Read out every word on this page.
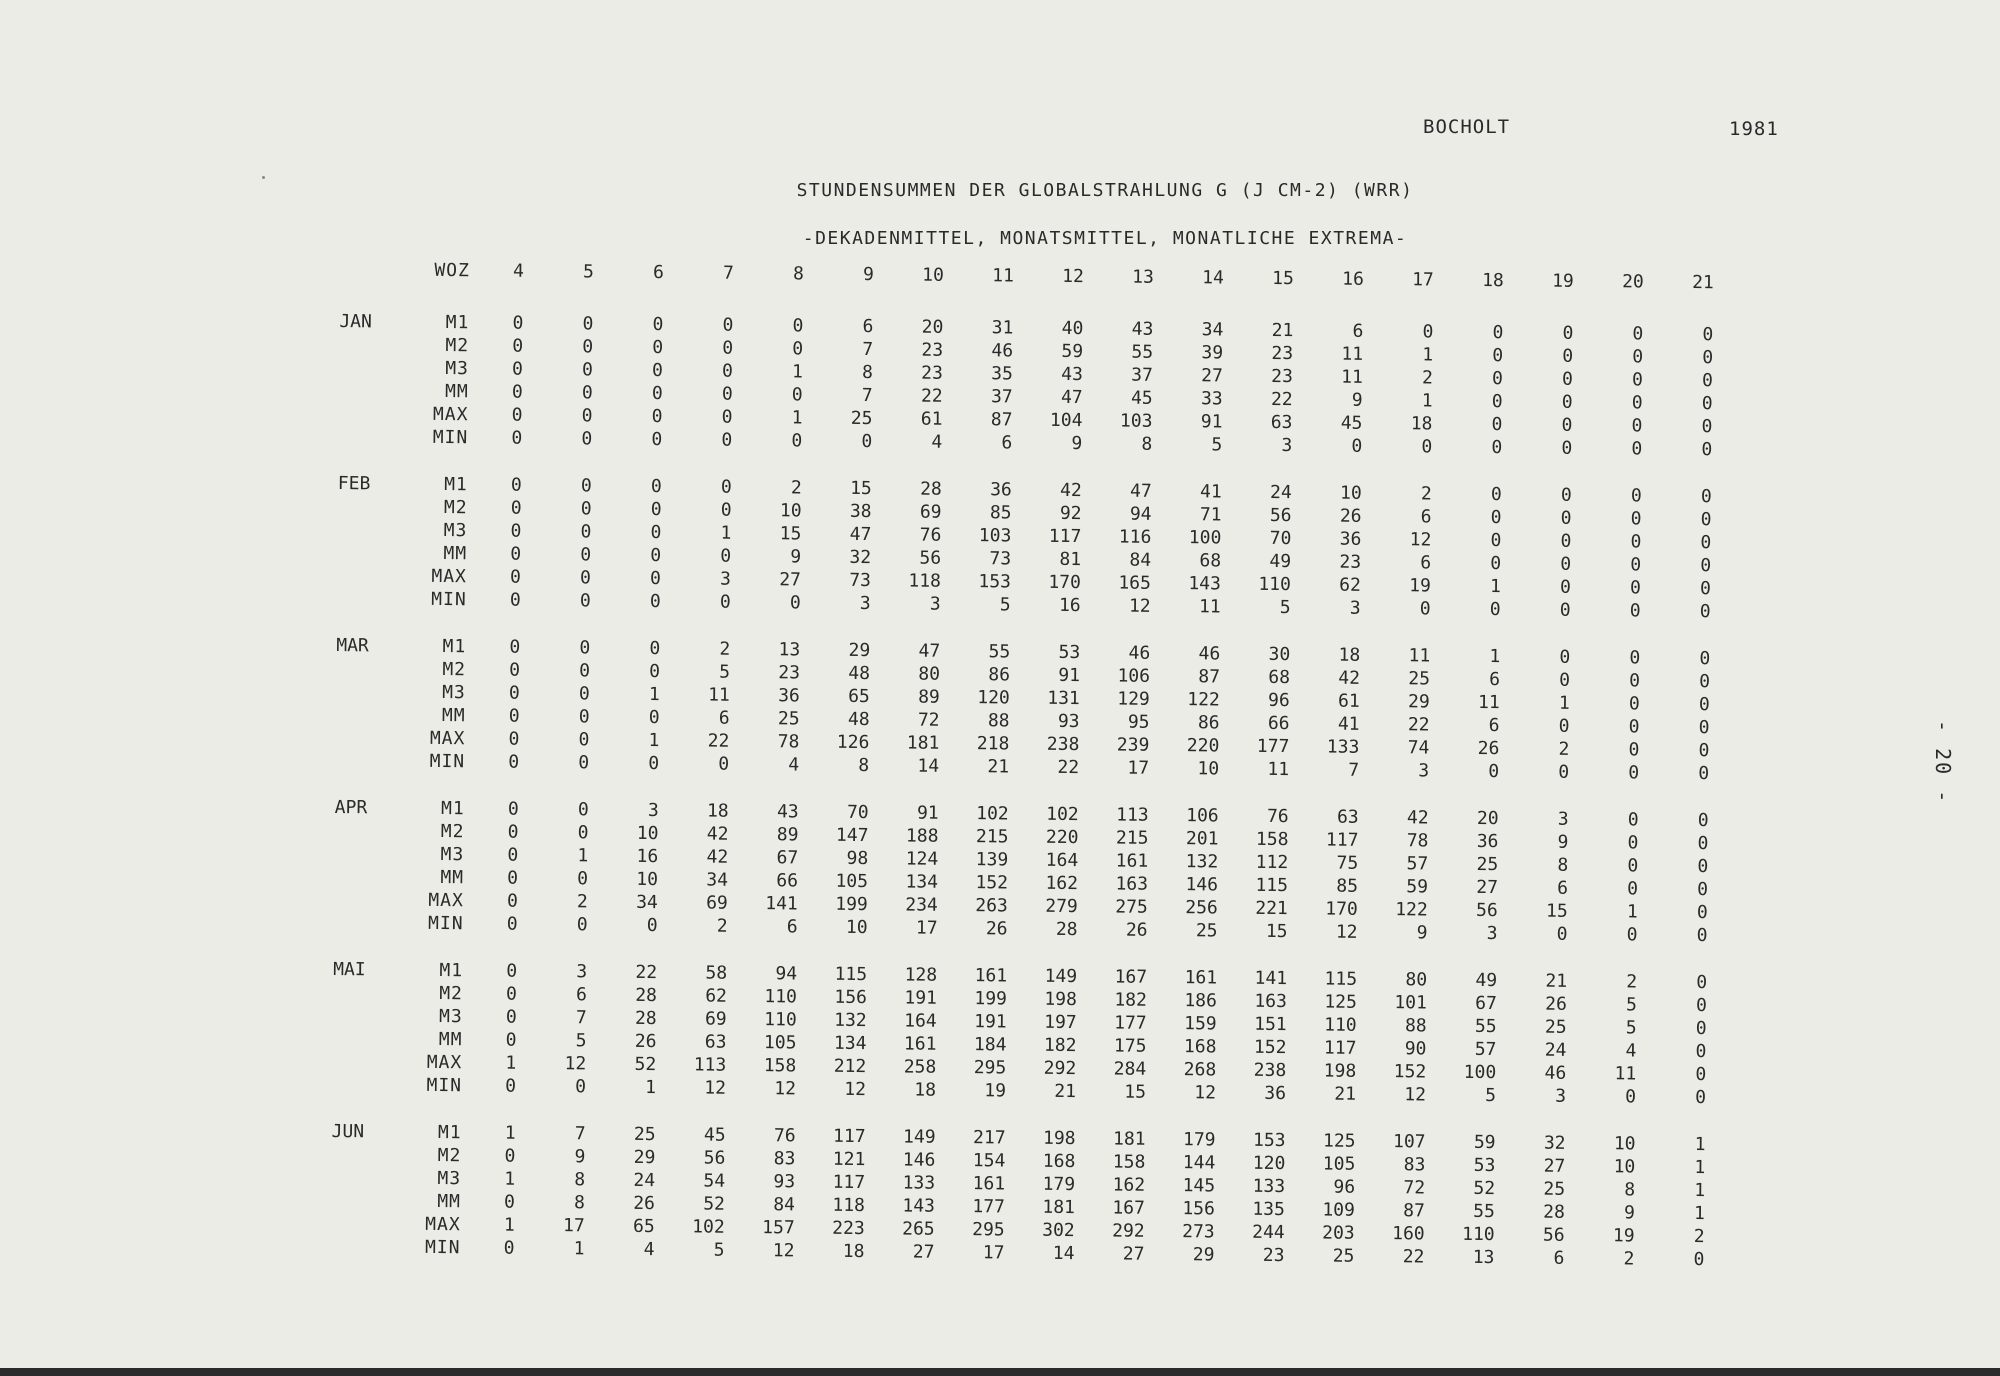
BOCHOLT	1981
STUNDENSUMMEN DER GLOBALSTRAHLUNG G (J CM-2) (WRR)
-DEKADENMITTEL, MONATSMITTEL, MONATLICHE EXTREMA-
- 20 -
	WOZ	4	5	6	7	8	9	10	11	12	13	14	15	16	17	18	19	20	21
JAN	M1	0	0	0	0	0	6	20	31	40	43	34	21	6	0	0	0	0	0
	M2	0	0	0	0	0	7	23	46	59	55	39	23	11	1	0	0	0	0
	M3	0	0	0	0	1	8	23	35	43	37	27	23	11	2	0	0	0	0
	MM	0	0	0	0	0	7	22	37	47	45	33	22	9	1	0	0	0	0
	MAX	0	0	0	0	1	25	61	87	104	103	91	63	45	18	0	0	0	0
	MIN	0	0	0	0	0	0	4	6	9	8	5	3	0	0	0	0	0	0

FEB	M1	0	0	0	0	2	15	28	36	42	47	41	24	10	2	0	0	0	0
	M2	0	0	0	0	10	38	69	85	92	94	71	56	26	6	0	0	0	0
	M3	0	0	0	1	15	47	76	103	117	116	100	70	36	12	0	0	0	0
	MM	0	0	0	0	9	32	56	73	81	84	68	49	23	6	0	0	0	0
	MAX	0	0	0	3	27	73	118	153	170	165	143	110	62	19	1	0	0	0
	MIN	0	0	0	0	0	3	3	5	16	12	11	5	3	0	0	0	0	0

MAR	M1	0	0	0	2	13	29	47	55	53	46	46	30	18	11	1	0	0	0
	M2	0	0	0	5	23	48	80	86	91	106	87	68	42	25	6	0	0	0
	M3	0	0	1	11	36	65	89	120	131	129	122	96	61	29	11	1	0	0
	MM	0	0	0	6	25	48	72	88	93	95	86	66	41	22	6	0	0	0
	MAX	0	0	1	22	78	126	181	218	238	239	220	177	133	74	26	2	0	0
	MIN	0	0	0	0	4	8	14	21	22	17	10	11	7	3	0	0	0	0

APR	M1	0	0	3	18	43	70	91	102	102	113	106	76	63	42	20	3	0	0
	M2	0	0	10	42	89	147	188	215	220	215	201	158	117	78	36	9	0	0
	M3	0	1	16	42	67	98	124	139	164	161	132	112	75	57	25	8	0	0
	MM	0	0	10	34	66	105	134	152	162	163	146	115	85	59	27	6	0	0
	MAX	0	2	34	69	141	199	234	263	279	275	256	221	170	122	56	15	1	0
	MIN	0	0	0	2	6	10	17	26	28	26	25	15	12	9	3	0	0	0

MAI	M1	0	3	22	58	94	115	128	161	149	167	161	141	115	80	49	21	2	0
	M2	0	6	28	62	110	156	191	199	198	182	186	163	125	101	67	26	5	0
	M3	0	7	28	69	110	132	164	191	197	177	159	151	110	88	55	25	5	0
	MM	0	5	26	63	105	134	161	184	182	175	168	152	117	90	57	24	4	0
	MAX	1	12	52	113	158	212	258	295	292	284	268	238	198	152	100	46	11	0
	MIN	0	0	1	12	12	12	18	19	21	15	12	36	21	12	5	3	0	0

JUN	M1	1	7	25	45	76	117	149	217	198	181	179	153	125	107	59	32	10	1
	M2	0	9	29	56	83	121	146	154	168	158	144	120	105	83	53	27	10	1
	M3	1	8	24	54	93	117	133	161	179	162	145	133	96	72	52	25	8	1
	MM	0	8	26	52	84	118	143	177	181	167	156	135	109	87	55	28	9	1
	MAX	1	17	65	102	157	223	265	295	302	292	273	244	203	160	110	56	19	2
	MIN	0	1	4	5	12	18	27	17	14	27	29	23	25	22	13	6	2	0
